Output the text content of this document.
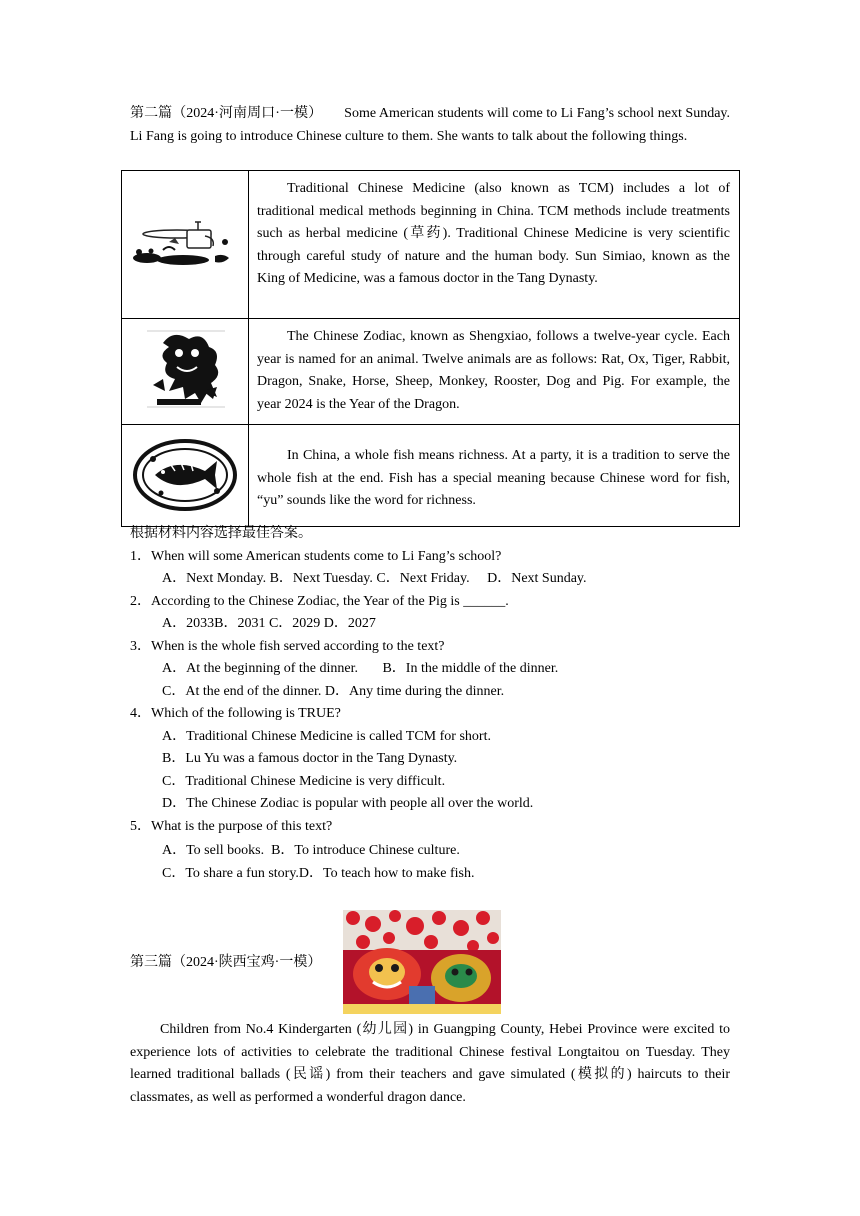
第二篇（2024·河南周口·一模） Some American students will come to Li Fang’s school next Sunday. Li Fang is going to introduce Chinese culture to them. She wants to talk about the following things.

Traditional Chinese Medicine (also known as TCM) includes a lot of traditional medical methods beginning in China. TCM methods include treatments such as herbal medicine (草药). Traditional Chinese Medicine is very scientific through careful study of nature and the human body. Sun Simiao, known as the King of Medicine, was a famous doctor in the Tang Dynasty.

The Chinese Zodiac, known as Shengxiao, follows a twelve-year cycle. Each year is named for an animal. Twelve animals are as follows: Rat, Ox, Tiger, Rabbit, Dragon, Snake, Horse, Sheep, Monkey, Rooster, Dog and Pig. For example, the year 2024 is the Year of the Dragon.

In China, a whole fish means richness. At a party, it is a tradition to serve the whole fish at the end. Fish has a special meaning because Chinese word for fish, “yu” sounds like the word for richness.

根据材料内容选择最佳答案。

1．When will some American students come to Li Fang’s school?

A．Next Monday. B．Next Tuesday. C．Next Friday.     D．Next Sunday.

2．According to the Chinese Zodiac, the Year of the Pig is ______.

A．2033B．2031 C．2029 D．2027

3．When is the whole fish served according to the text?

A．At the beginning of the dinner.       B．In the middle of the dinner.

C．At the end of the dinner. D．Any time during the dinner.

4．Which of the following is TRUE?

A．Traditional Chinese Medicine is called TCM for short.

B．Lu Yu was a famous doctor in the Tang Dynasty.

C．Traditional Chinese Medicine is very difficult.

D．The Chinese Zodiac is popular with people all over the world.

5．What is the purpose of this text?

A．To sell books.  B．To introduce Chinese culture.

C．To share a fun story.D．To teach how to make fish.

第三篇（2024·陕西宝鸡·一模）
Children from No.4 Kindergarten (幼儿园) in Guangping County, Hebei Province were excited to experience lots of activities to celebrate the traditional Chinese festival Longtaitou on Tuesday. They learned traditional ballads (民谣) from their teachers and gave simulated (模拟的) haircuts to their classmates, as well as performed a wonderful dragon dance.
